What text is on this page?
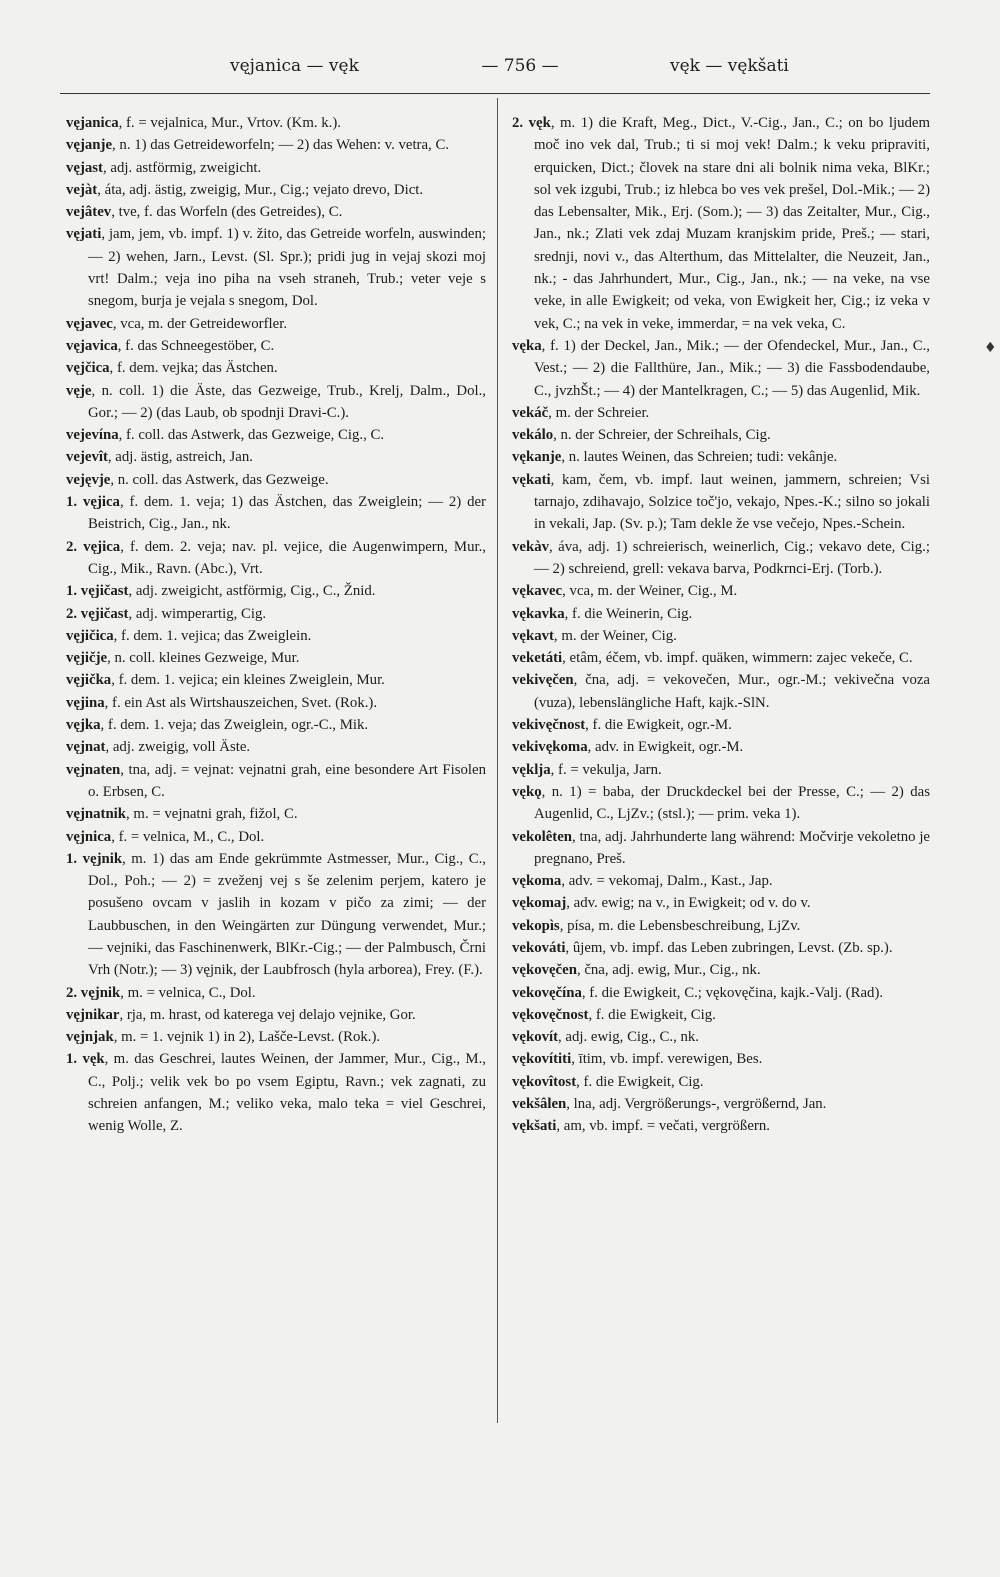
vęjanica — vęk	— 756 —	vęk — vękšati

vęjanica, f. = vejalnica, Mur., Vrtov. (Km. k.).

vęjanje, n. 1) das Getreideworfeln; — 2) das Wehen: v. vetra, C.

vęjast, adj. astförmig, zweigicht.

vejàt, áta, adj. ästig, zweigig, Mur., Cig.; vejato drevo, Dict.

vejâtev, tve, f. das Worfeln (des Getreides), C.

vęjati, jam, jem, vb. impf. 1) v. žito, das Getreide worfeln, auswinden; — 2) wehen, Jarn., Levst. (Sl. Spr.); pridi jug in vejaj skozi moj vrt! Dalm.; veja ino piha na vseh straneh, Trub.; veter veje s snegom, burja je vejala s snegom, Dol.

vęjavec, vca, m. der Getreideworfler.

vęjavica, f. das Schneegestöber, C.

vęjčica, f. dem. vejka; das Ästchen.

vęje, n. coll. 1) die Äste, das Gezweige, Trub., Krelj, Dalm., Dol., Gor.; — 2) (das Laub, ob spodnji Dravi-C.).

vejevína, f. coll. das Astwerk, das Gezweige, Cig., C.

vejevît, adj. ästig, astreich, Jan.

vejęvje, n. coll. das Astwerk, das Gezweige.

1. vęjica, f. dem. 1. veja; 1) das Ästchen, das Zweiglein; — 2) der Beistrich, Cig., Jan., nk.

2. vęjica, f. dem. 2. veja; nav. pl. vejice, die Augenwimpern, Mur., Cig., Mik., Ravn. (Abc.), Vrt.

1. vęjičast, adj. zweigicht, astförmig, Cig., C., Žnid.

2. vęjičast, adj. wimperartig, Cig.

vęjičica, f. dem. 1. vejica; das Zweiglein.

vęjičje, n. coll. kleines Gezweige, Mur.

vęjička, f. dem. 1. vejica; ein kleines Zweiglein, Mur.

vęjina, f. ein Ast als Wirtshauszeichen, Svet. (Rok.).

vęjka, f. dem. 1. veja; das Zweiglein, ogr.-C., Mik.

vęjnat, adj. zweigig, voll Äste.

vęjnaten, tna, adj. = vejnat: vejnatni grah, eine besondere Art Fisolen o. Erbsen, C.

vęjnatnik, m. = vejnatni grah, fižol, C.

vęjnica, f. = velnica, M., C., Dol.

1. vęjnik, m. 1) das am Ende gekrümmte Astmesser, Mur., Cig., C., Dol., Poh.; — 2) = zveženj vej s še zelenim perjem, katero je posušeno ovcam v jaslih in kozam v pičo za zimi; — der Laubbuschen, in den Weingärten zur Düngung verwendet, Mur.; — vejniki, das Faschinenwerk, BlKr.-Cig.; — der Palmbusch, Črni Vrh (Notr.); — 3) vęjnik, der Laubfrosch (hyla arborea), Frey. (F.).

2. vęjnik, m. = velnica, C., Dol.

vęjnikar, rja, m. hrast, od katerega vej delajo vejnike, Gor.

vęjnjak, m. = 1. vejnik 1) in 2), Lašče-Levst. (Rok.).

1. vęk, m. das Geschrei, lautes Weinen, der Jammer, Mur., Cig., M., C., Polj.; velik vek bo po vsem Egiptu, Ravn.; vek zagnati, zu schreien anfangen, M.; veliko veka, malo teka = viel Geschrei, wenig Wolle, Z.

2. vęk, m. 1) die Kraft, Meg., Dict., V.-Cig., Jan., C.; on bo ljudem moč ino vek dal, Trub.; ti si moj vek! Dalm.; k veku pripraviti, erquicken, Dict.; človek na stare dni ali bolnik nima veka, BlKr.; sol vek izgubi, Trub.; iz hlebca bo ves vek prešel, Dol.-Mik.; — 2) das Lebensalter, Mik., Erj. (Som.); — 3) das Zeitalter, Mur., Cig., Jan., nk.; Zlati vek zdaj Muzam kranjskim pride, Preš.; — stari, srednji, novi v., das Alterthum, das Mittelalter, die Neuzeit, Jan., nk.; - das Jahrhundert, Mur., Cig., Jan., nk.; — na veke, na vse veke, in alle Ewigkeit; od veka, von Ewigkeit her, Cig.; iz veka v vek, C.; na vek in veke, immerdar, = na vek veka, C.

vęka, f. 1) der Deckel, Jan., Mik.; — der Ofendeckel, Mur., Jan., C., Vest.; — 2) die Fallthüre, Jan., Mik.; — 3) die Fassbodendaube, C., jvzhŠt.; — 4) der Mantelkragen, C.; — 5) das Augenlid, Mik.

vekáč, m. der Schreier.

vekálo, n. der Schreier, der Schreihals, Cig.

vękanje, n. lautes Weinen, das Schreien; tudi: vekânje.

vękati, kam, čem, vb. impf. laut weinen, jammern, schreien; Vsi tarnajo, zdihavajo, Solzice toč'jo, vekajo, Npes.-K.; silno so jokali in vekali, Jap. (Sv. p.); Tam dekle že vse večejo, Npes.-Schein.

vekàv, áva, adj. 1) schreierisch, weinerlich, Cig.; vekavo dete, Cig.; — 2) schreiend, grell: vekava barva, Podkrnci-Erj. (Torb.).

vękavec, vca, m. der Weiner, Cig., M.

vękavka, f. die Weinerin, Cig.

vękavt, m. der Weiner, Cig.

veketáti, etâm, éčem, vb. impf. quäken, wimmern: zajec vekeče, C.

vekivęčen, čna, adj. = vekovečen, Mur., ogr.-M.; vekivečna voza (vuza), lebenslängliche Haft, kajk.-SlN.

vekivęčnost, f. die Ewigkeit, ogr.-M.

vekivękoma, adv. in Ewigkeit, ogr.-M.

vęklja, f. = vekulja, Jarn.

vękǫ, n. 1) = baba, der Druckdeckel bei der Presse, C.; — 2) das Augenlid, C., LjZv.; (stsl.); — prim. veka 1).

vekolêten, tna, adj. Jahrhunderte lang während: Močvirje vekoletno je pregnano, Preš.

vękoma, adv. = vekomaj, Dalm., Kast., Jap.

vękomaj, adv. ewig; na v., in Ewigkeit; od v. do v.

vekopìs, písa, m. die Lebensbeschreibung, LjZv.

vekováti, ûjem, vb. impf. das Leben zubringen, Levst. (Zb. sp.).

vękovęčen, čna, adj. ewig, Mur., Cig., nk.

vekovęčína, f. die Ewigkeit, C.; vękovęčina, kajk.-Valj. (Rad).

vękovęčnost, f. die Ewigkeit, Cig.

vękovít, adj. ewig, Cig., C., nk.

vękovítiti, ītim, vb. impf. verewigen, Bes.

vękovîtost, f. die Ewigkeit, Cig.

vekšâlen, lna, adj. Vergrößerungs-, vergrößernd, Jan.

vękšati, am, vb. impf. = večati, vergrößern.

♦
